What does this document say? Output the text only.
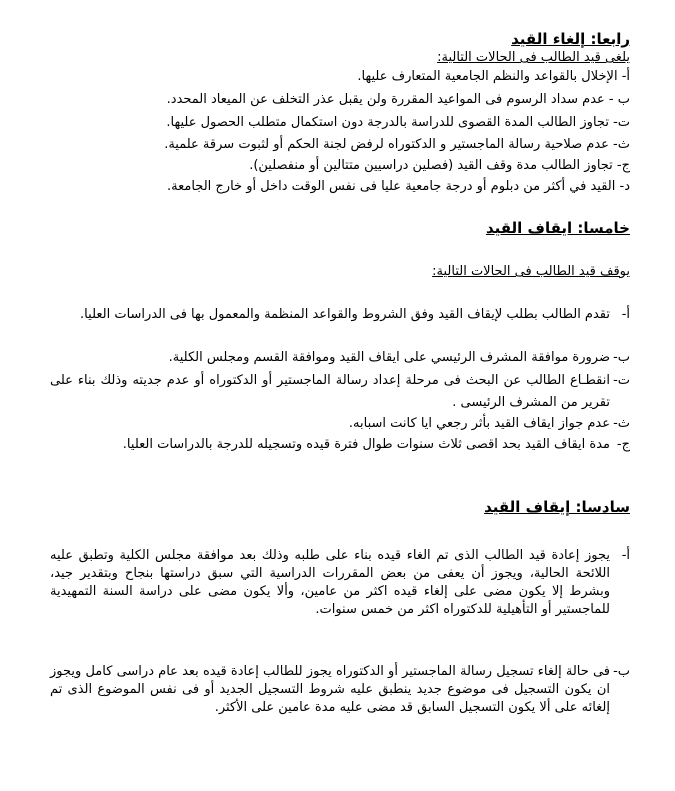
رابعا: إلغاء القيد
يلغى قيد الطالب فى الحالات التالية:
أ- الإخلال بالقواعد والنظم الجامعية المتعارف عليها.
ب - عدم سداد الرسوم فى المواعيد المقررة ولن يقبل عذر التخلف عن الميعاد المحدد.
ت- تجاوز الطالب المدة القصوى للدراسة بالدرجة دون استكمال متطلب الحصول عليها.
ث- عدم صلاحية رسالة الماجستير و الدكتوراه لرفض لجنة الحكم أو لثبوت سرقة علمية.
ج- تجاوز الطالب مدة وقف القيد (فصلين دراسيين متتالين أو منفصلين).
د- القيد في أكثر من دبلوم أو درجة جامعية عليا فى نفس الوقت داخل أو خارج الجامعة.
خامسا: ايقاف القيد
يوقف قيد الطالب فى الحالات التالية:
أ-
تقدم الطالب بطلب لإيقاف القيد وفق الشروط والقواعد المنظمة والمعمول بها فى الدراسات العليا.
ب-
ضرورة موافقة المشرف الرئيسي على ايقاف القيد وموافقة القسم ومجلس الكلية.
ت-
انقطـاع الطالب عن البحث فى مرحلة إعداد رسالة الماجستير أو الدكتوراه أو عدم جديته وذلك بناء على تقرير من المشرف الرئيسى .
ث-
عدم جواز ايقاف القيد بأثر رجعي ايا كانت اسبابه.
ج-
مدة ايقاف القيد بحد اقصى ثلاث سنوات طوال فترة قيده وتسجيله للدرجة بالدراسات العليا.
سادسا: إيقاف القيد
أ-
يجوز إعادة قيد الطالب الذى تم الغاء قيده بناء على طلبه وذلك بعد موافقة مجلس الكلية وتطبق عليه اللائحة الحالية، ويجوز أن يعفى من بعض المقررات الدراسية التي سبق دراستها بنجاح وبتقدير جيد، وبشرط إلا يكون مضى على إلغاء قيده اكثر من عامين، وألا يكون مضى على دراسة السنة التمهيدية للماجستير أو التأهيلية للدكتوراه اكثر من خمس سنوات.
ب-
فى حالة إلغاء تسجيل رسالة الماجستير أو الدكتوراه يجوز للطالب إعادة قيده بعد عام دراسى كامل ويجوز ان يكون التسجيل فى موضوع جديد ينطبق عليه شروط التسجيل الجديد أو فى نفس الموضوع الذى تم إلغائه على ألا يكون التسجيل السابق قد مضى عليه مدة عامين على الأكثر.
